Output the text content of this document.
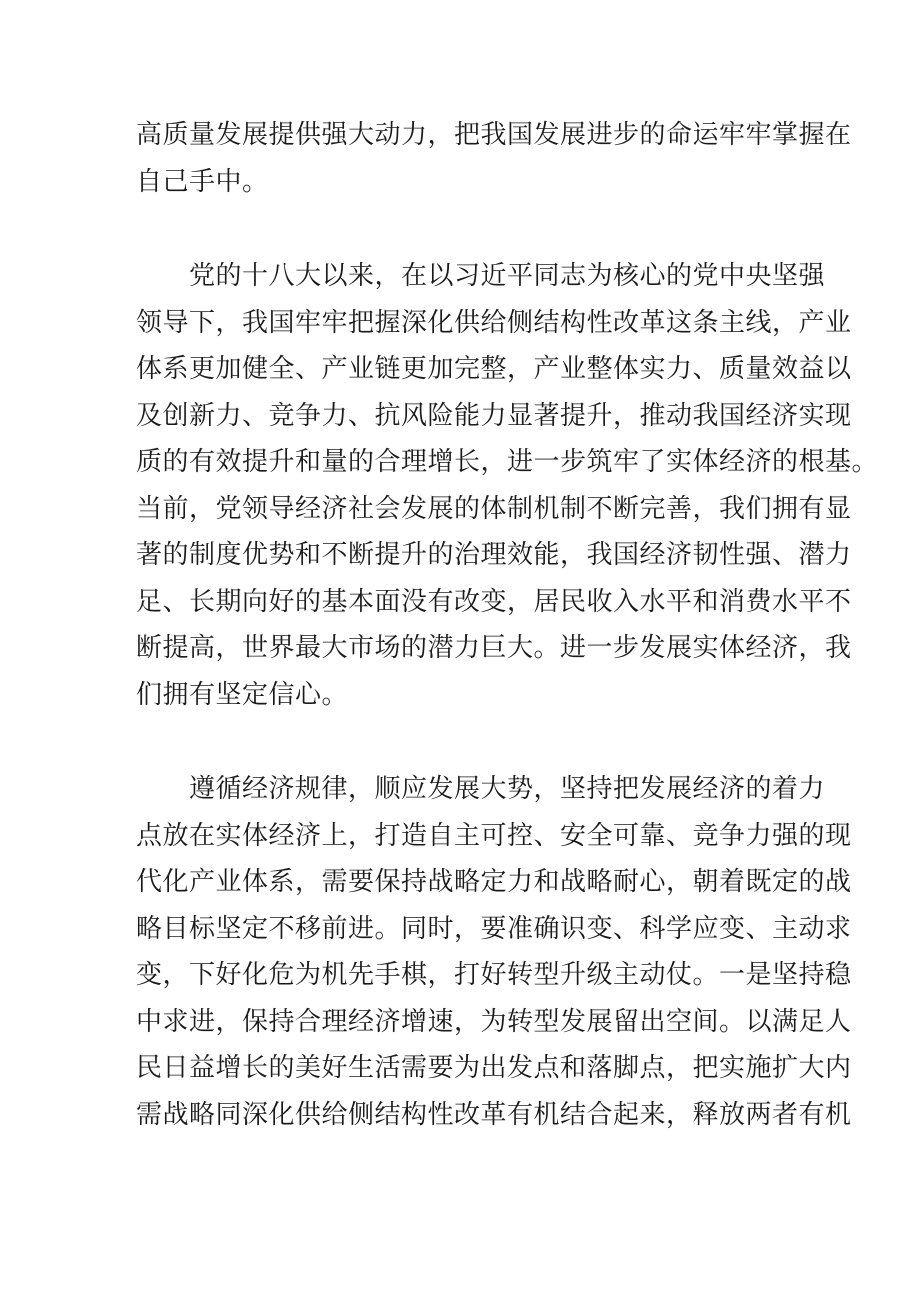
高质量发展提供强大动力，把我国发展进步的命运牢牢掌握在
自己手中。
　　党的十八大以来，在以习近平同志为核心的党中央坚强
领导下，我国牢牢把握深化供给侧结构性改革这条主线，产业
体系更加健全、产业链更加完整，产业整体实力、质量效益以
及创新力、竞争力、抗风险能力显著提升，推动我国经济实现
质的有效提升和量的合理增长，进一步筑牢了实体经济的根基。
当前，党领导经济社会发展的体制机制不断完善，我们拥有显
著的制度优势和不断提升的治理效能，我国经济韧性强、潜力
足、长期向好的基本面没有改变，居民收入水平和消费水平不
断提高，世界最大市场的潜力巨大。进一步发展实体经济，我
们拥有坚定信心。
　　遵循经济规律，顺应发展大势，坚持把发展经济的着力
点放在实体经济上，打造自主可控、安全可靠、竞争力强的现
代化产业体系，需要保持战略定力和战略耐心，朝着既定的战
略目标坚定不移前进。同时，要准确识变、科学应变、主动求
变，下好化危为机先手棋，打好转型升级主动仗。一是坚持稳
中求进，保持合理经济增速，为转型发展留出空间。以满足人
民日益增长的美好生活需要为出发点和落脚点，把实施扩大内
需战略同深化供给侧结构性改革有机结合起来，释放两者有机
